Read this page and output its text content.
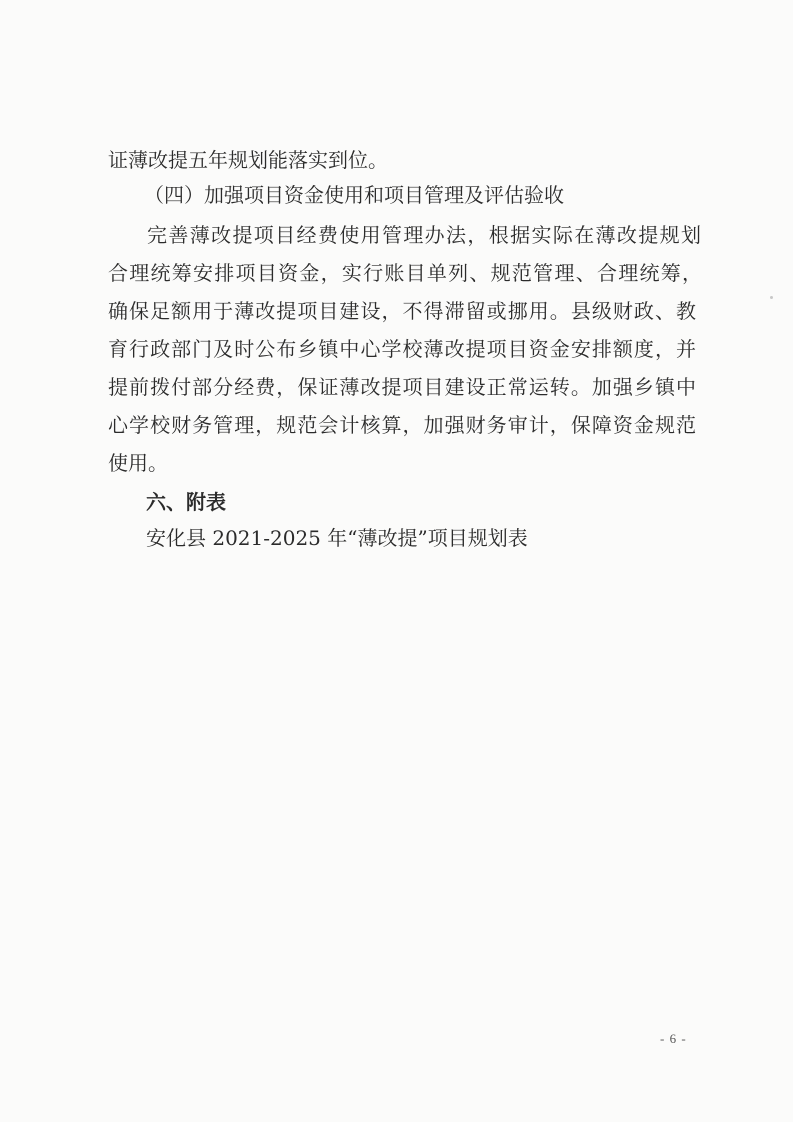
证薄改提五年规划能落实到位。
（四）加强项目资金使用和项目管理及评估验收
完善薄改提项目经费使用管理办法，根据实际在薄改提规划
合理统筹安排项目资金，实行账目单列、规范管理、合理统筹，
确保足额用于薄改提项目建设，不得滞留或挪用。县级财政、教
育行政部门及时公布乡镇中心学校薄改提项目资金安排额度，并
提前拨付部分经费，保证薄改提项目建设正常运转。加强乡镇中
心学校财务管理，规范会计核算，加强财务审计，保障资金规范
使用。
六、附表
安化县 2021-2025 年“薄改提”项目规划表
- 6 -
